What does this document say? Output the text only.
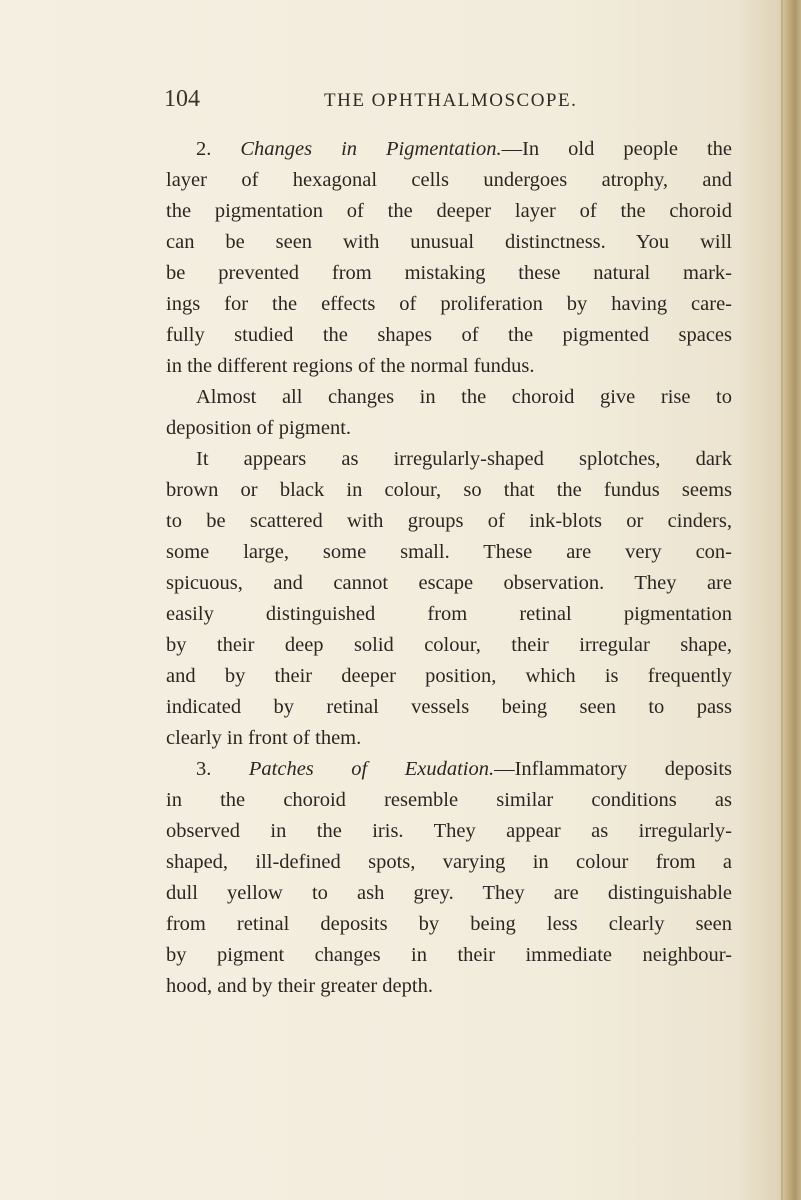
104	THE OPHTHALMOSCOPE.
2. Changes in Pigmentation.—In old people the
layer of hexagonal cells undergoes atrophy, and
the pigmentation of the deeper layer of the choroid
can be seen with unusual distinctness. You will
be prevented from mistaking these natural mark-
ings for the effects of proliferation by having care-
fully studied the shapes of the pigmented spaces
in the different regions of the normal fundus.
Almost all changes in the choroid give rise to
deposition of pigment.
It appears as irregularly-shaped splotches, dark
brown or black in colour, so that the fundus seems
to be scattered with groups of ink-blots or cinders,
some large, some small. These are very con-
spicuous, and cannot escape observation. They are
easily distinguished from retinal pigmentation
by their deep solid colour, their irregular shape,
and by their deeper position, which is frequently
indicated by retinal vessels being seen to pass
clearly in front of them.
3. Patches of Exudation.—Inflammatory deposits
in the choroid resemble similar conditions as
observed in the iris. They appear as irregularly-
shaped, ill-defined spots, varying in colour from a
dull yellow to ash grey. They are distinguishable
from retinal deposits by being less clearly seen
by pigment changes in their immediate neighbour-
hood, and by their greater depth.
